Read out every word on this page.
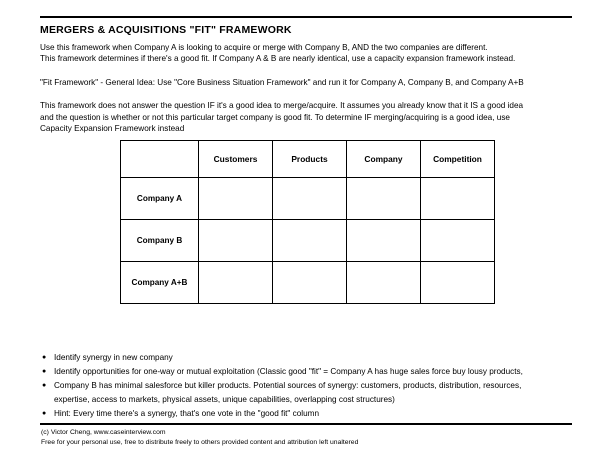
MERGERS & ACQUISITIONS "FIT" FRAMEWORK

Use this framework when Company A is looking to acquire or merge with Company B, AND the two companies are different.

This framework determines if there's a good fit. If Company A & B are nearly identical, use a capacity expansion framework instead.

"Fit Framework" - General Idea: Use "Core Business Situation Framework" and run it for Company A, Company B, and Company A+B

This framework does not answer the question IF it's a good idea to merge/acquire. It assumes you already know that it IS a good idea

and the question is whether or not this particular target company is good fit. To determine IF merging/acquiring is a good idea, use

Capacity Expansion Framework instead

	Customers	Products	Company	Competition
Company A				
Company B				
Company A+B				
● Identify synergy in new company
● Identify opportunities for one-way or mutual exploitation (Classic good "fit" = Company A has huge sales force buy lousy products,
● Company B has minimal salesforce but killer products. Potential sources of synergy: customers, products, distribution, resources,
expertise, access to markets, physical assets, unique capabilities, overlapping cost structures)
● Hint: Every time there's a synergy, that's one vote in the "good fit" column
(c) Victor Cheng, www.caseinterview.com
Free for your personal use, free to distribute freely to others provided content and attribution left unaltered
